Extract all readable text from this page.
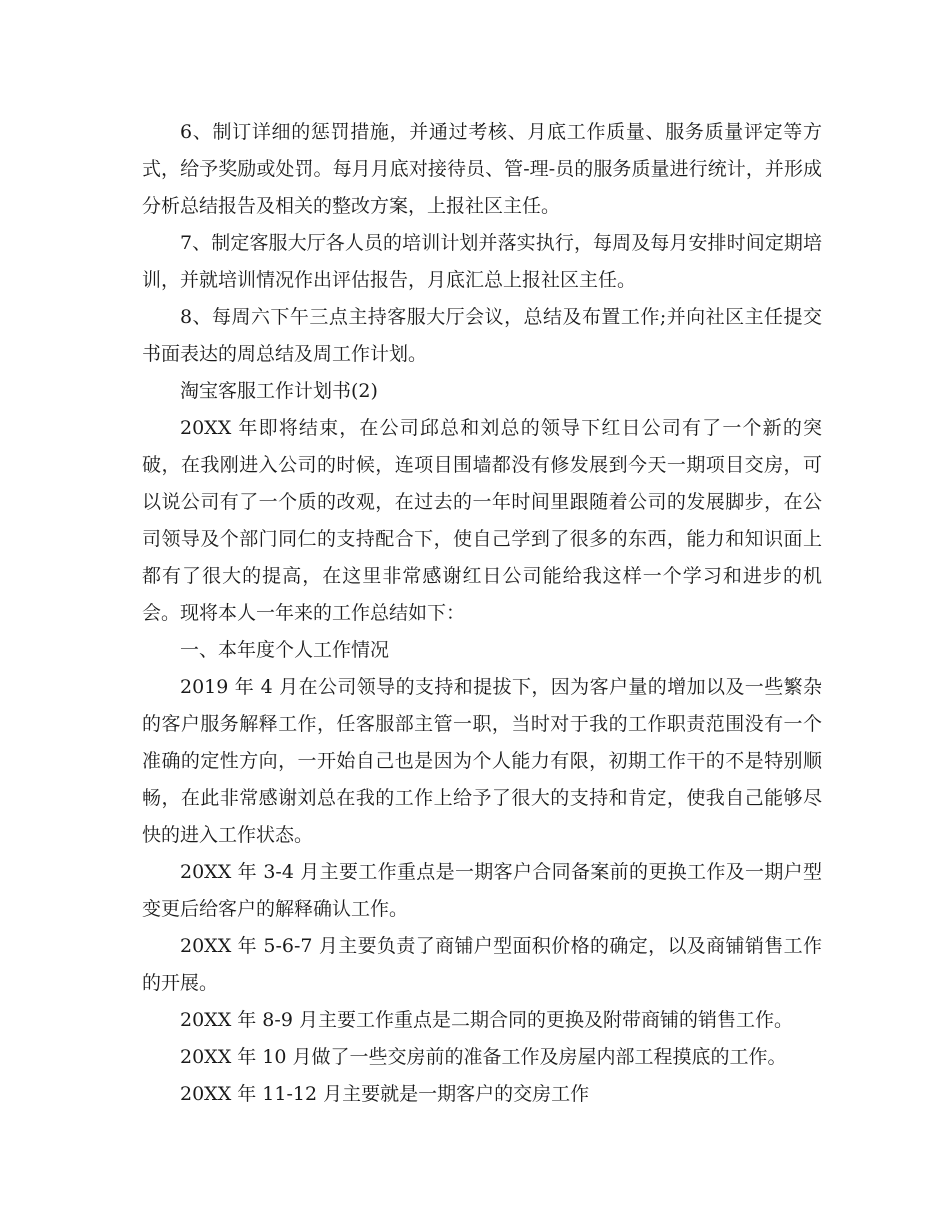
6、制订详细的惩罚措施，并通过考核、月底工作质量、服务质量评定等方式，给予奖励或处罚。每月月底对接待员、管-理-员的服务质量进行统计，并形成分析总结报告及相关的整改方案，上报社区主任。

7、制定客服大厅各人员的培训计划并落实执行，每周及每月安排时间定期培训，并就培训情况作出评估报告，月底汇总上报社区主任。

8、每周六下午三点主持客服大厅会议，总结及布置工作;并向社区主任提交书面表达的周总结及周工作计划。

淘宝客服工作计划书(2)

20XX 年即将结束，在公司邱总和刘总的领导下红日公司有了一个新的突破，在我刚进入公司的时候，连项目围墙都没有修发展到今天一期项目交房，可以说公司有了一个质的改观，在过去的一年时间里跟随着公司的发展脚步，在公司领导及个部门同仁的支持配合下，使自己学到了很多的东西，能力和知识面上都有了很大的提高，在这里非常感谢红日公司能给我这样一个学习和进步的机会。现将本人一年来的工作总结如下：

一、本年度个人工作情况

2019 年 4 月在公司领导的支持和提拔下，因为客户量的增加以及一些繁杂的客户服务解释工作，任客服部主管一职，当时对于我的工作职责范围没有一个准确的定性方向，一开始自己也是因为个人能力有限，初期工作干的不是特别顺畅，在此非常感谢刘总在我的工作上给予了很大的支持和肯定，使我自己能够尽快的进入工作状态。

20XX 年 3-4 月主要工作重点是一期客户合同备案前的更换工作及一期户型变更后给客户的解释确认工作。

20XX 年 5-6-7 月主要负责了商铺户型面积价格的确定，以及商铺销售工作的开展。

20XX 年 8-9 月主要工作重点是二期合同的更换及附带商铺的销售工作。

20XX 年 10 月做了一些交房前的准备工作及房屋内部工程摸底的工作。

20XX 年 11-12 月主要就是一期客户的交房工作
